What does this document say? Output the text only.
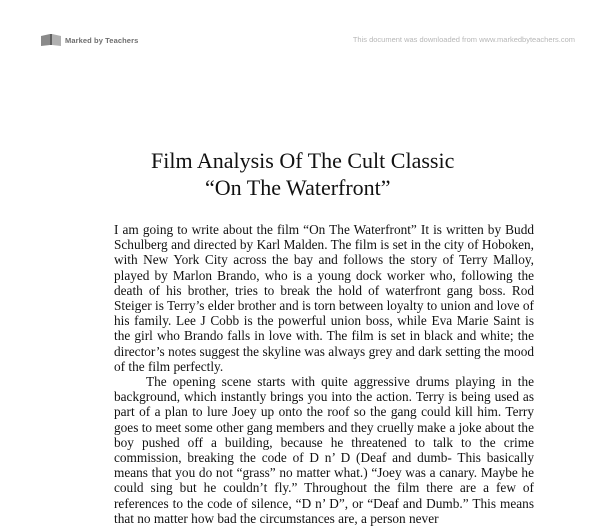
Marked by Teachers	This document was downloaded from www.markedbyteachers.com
Film Analysis Of The Cult Classic
“On The Waterfront”

I am going to write about the film “On The Waterfront” It is written by Budd Schulberg and directed by Karl Malden. The film is set in the city of Hoboken, with New York City across the bay and follows the story of Terry Malloy, played by Marlon Brando, who is a young dock worker who, following the death of his brother, tries to break the hold of waterfront gang boss. Rod Steiger is Terry’s elder brother and is torn between loyalty to union and love of his family. Lee J Cobb is the powerful union boss, while Eva Marie Saint is the girl who Brando falls in love with. The film is set in black and white; the director’s notes suggest the skyline was always grey and dark setting the mood of the film perfectly.

The opening scene starts with quite aggressive drums playing in the background, which instantly brings you into the action. Terry is being used as part of a plan to lure Joey up onto the roof so the gang could kill him. Terry goes to meet some other gang members and they cruelly make a joke about the boy pushed off a building, because he threatened to talk to the crime commission, breaking the code of D n’ D (Deaf and dumb- This basically means that you do not “grass” no matter what.) “Joey was a canary. Maybe he could sing but he couldn’t fly.” Throughout the film there are a few of references to the code of silence, “D n’ D”, or “Deaf and Dumb.” This means that no matter how bad the circumstances are, a person never
